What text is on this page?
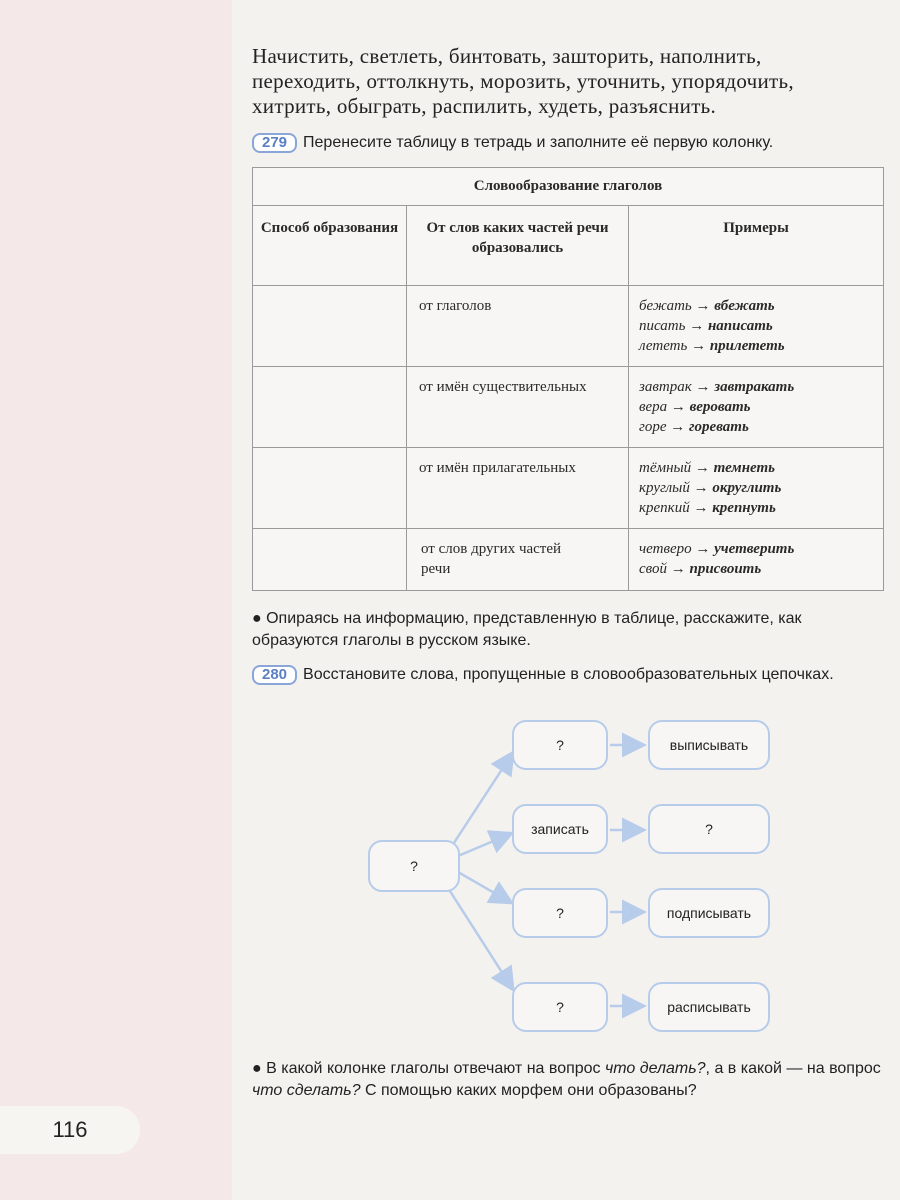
116
Начистить, светлеть, бинтовать, зашторить, наполнить,
переходить, оттолкнуть, морозить, уточнить, упорядочить,
хитрить, обыграть, распилить, худеть, разъяснить.
279 Перенесите таблицу в тетрадь и заполните её первую колонку.
Словообразование глаголов		
Способ образования	От слов каких частей речи образовались	Примеры
	от глаголов	бежать → вбежать
писать → написать
лететь → прилететь

	от имён существительных	завтрак → завтракать
вера → веровать
горе → горевать

	от имён прилагательных	тёмный → темнеть
круглый → округлить
крепкий → крепнуть

	от слов других частей речи	четверо → учетверить
свой → присвоить
● Опираясь на информацию, представленную в таблице, расскажите, как образуются глаголы в русском языке.
280 Восстановите слова, пропущенные в словообразовательных цепочках.
?
?
записать
?
?
выписывать
?
подписывать
расписывать
● В какой колонке глаголы отвечают на вопрос что делать?, а в какой — на вопрос что сделать? С помощью каких морфем они образованы?
